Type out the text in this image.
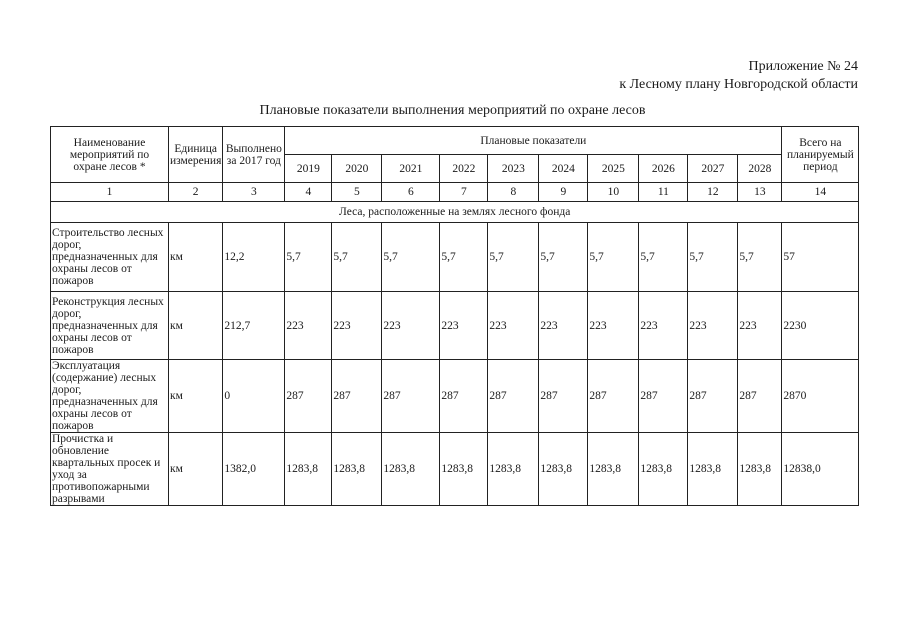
Приложение № 24
к Лесному плану Новгородской области
Плановые показатели выполнения мероприятий по охране лесов
Наименование мероприятий по охране лесов *	Единица измерения	Выполнено за 2017 год	Плановые показатели										Всего на планируемый период
			2019	2020	2021	2022	2023	2024	2025	2026	2027	2028	
1	2	3	4	5	6	7	8	9	10	11	12	13	14
Леса, расположенные на землях лесного фонда													
Строительство лесных дорог, предназначенных для охраны лесов от пожаров	км	12,2	5,7	5,7	5,7	5,7	5,7	5,7	5,7	5,7	5,7	5,7	57
Реконструкция лесных дорог, предназначенных для охраны лесов от пожаров	км	212,7	223	223	223	223	223	223	223	223	223	223	2230
Эксплуатация (содержание) лесных дорог, предназначенных для охраны лесов от пожаров	км	0	287	287	287	287	287	287	287	287	287	287	2870
Прочистка и обновление квартальных просек и уход за противопожарными разрывами	км	1382,0	1283,8	1283,8	1283,8	1283,8	1283,8	1283,8	1283,8	1283,8	1283,8	1283,8	12838,0
